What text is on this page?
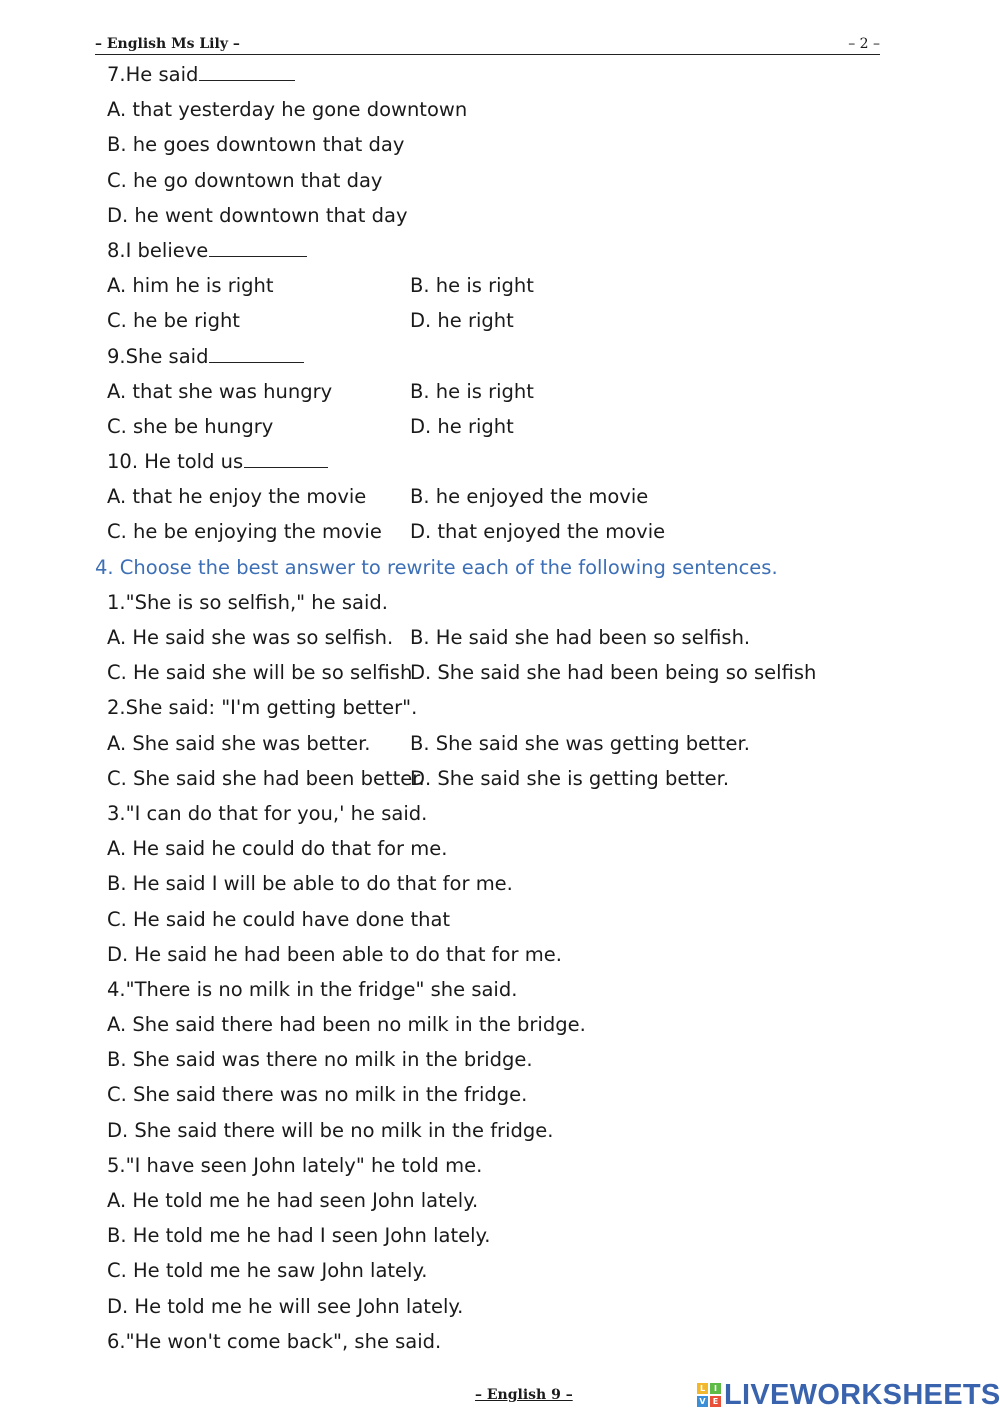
– English Ms Lily –	– 2 –
7.He said
A. that yesterday he gone downtown
B. he goes downtown that day
C. he go downtown that day
D. he went downtown that day
8.I believe
A. him he is right	B. he is right
C. he be right	D. he right
9.She said
A. that she was hungry	B. he is right
C. she be hungry	D. he right
10. He told us
A. that he enjoy the movie B. he enjoyed the movie
C. he be enjoying the movie D. that enjoyed the movie
4. Choose the best answer to rewrite each of the following sentences.
1."She is so selfish," he said.
A. He said she was so selfish. B. He said she had been so selfish.
C. He said she will be so selfish
D. She said she had been being so selfish
2.She said: "I'm getting better".
A. She said she was better. B. She said she was getting better.
C. She said she had been better.
D. She said she is getting better.
3."I can do that for you,' he said.
A. He said he could do that for me.
B. He said I will be able to do that for me.
C. He said he could have done that
D. He said he had been able to do that for me.
4."There is no milk in the fridge" she said.
A. She said there had been no milk in the bridge.
B. She said was there no milk in the bridge.
C. She said there was no milk in the fridge.
D. She said there will be no milk in the fridge.
5."I have seen John lately" he told me.
A. He told me he had seen John lately.
B. He told me he had I seen John lately.
C. He told me he saw John lately.
D. He told me he will see John lately.
6."He won't come back", she said.
– English 9 –	L	I
V E LIVEWORKSHEETS
